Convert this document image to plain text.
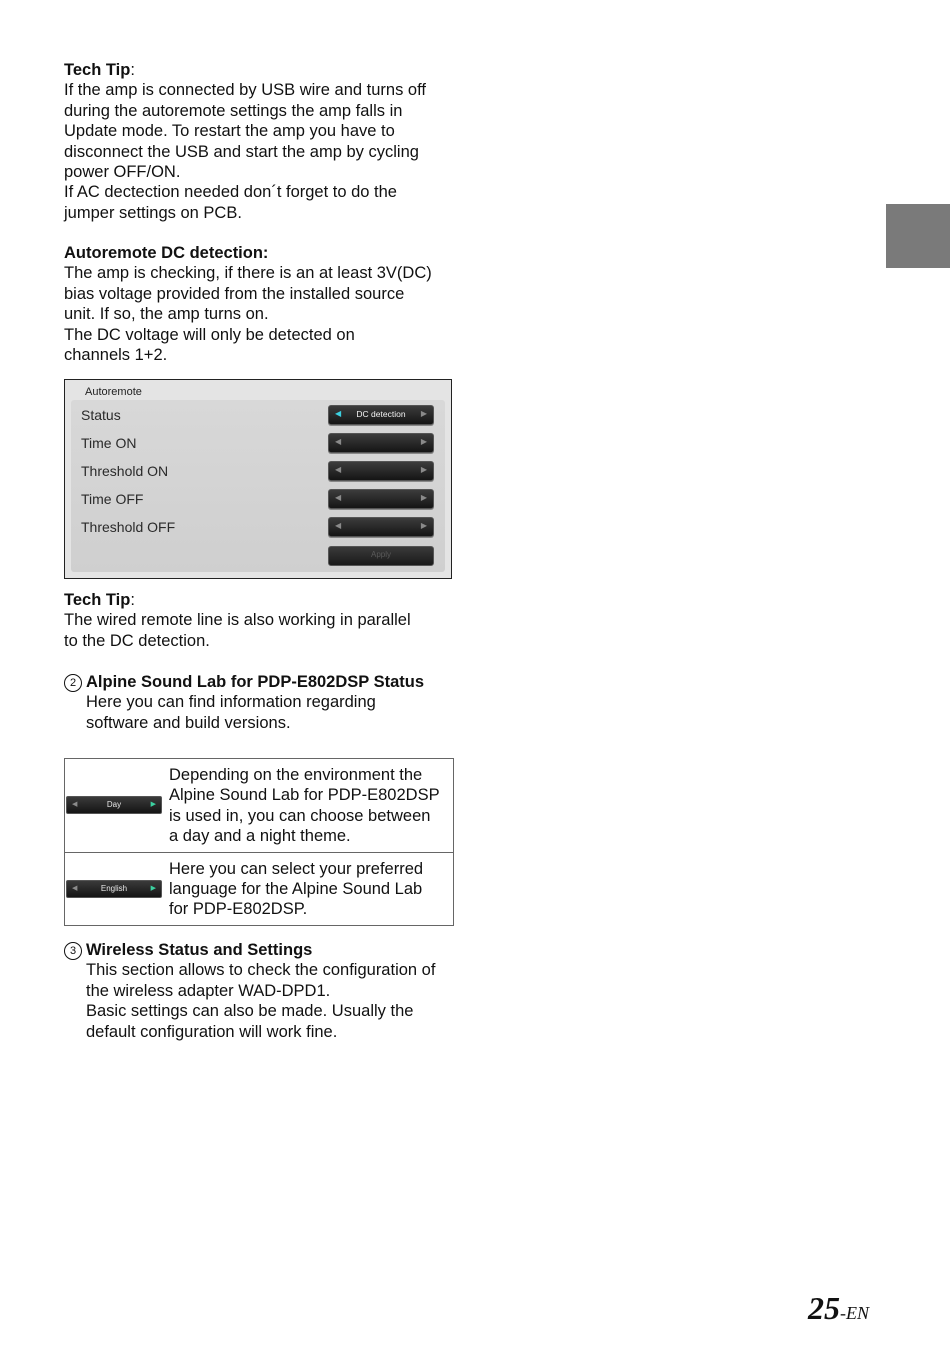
Tech Tip:

If the amp is connected by USB wire and turns off

during the autoremote settings the amp falls in

Update mode. To restart the amp you have to

disconnect the USB and start the amp by cycling

power OFF/ON.

If AC dectection needed don´t forget to do the

jumper settings on PCB.

Autoremote DC detection:

The amp is checking, if there is an at least 3V(DC)

bias voltage provided from the installed source

unit. If so, the amp turns on.

The DC voltage will only be detected on

channels 1+2.

Autoremote
Status	◀	DC detection	▶
Time ON	◀	▶
Threshold ON	◀	▶
Time OFF	◀	▶
Threshold OFF	◀	▶
Apply

Tech Tip:

The wired remote line is also working in parallel

to the DC detection.

2 Alpine Sound Lab for PDP-E802DSP Status

Here you can find information regarding

software and build versions.

◀	Day	▶
Depending on the environment the
Alpine Sound Lab for PDP-E802DSP
is used in, you can choose between
a day and a night theme.
◀	English	▶
Here you can select your preferred
language for the Alpine Sound Lab
for PDP-E802DSP.

3 Wireless Status and Settings

This section allows to check the configuration of

the wireless adapter WAD-DPD1.

Basic settings can also be made. Usually the

default configuration will work fine.

25-EN
